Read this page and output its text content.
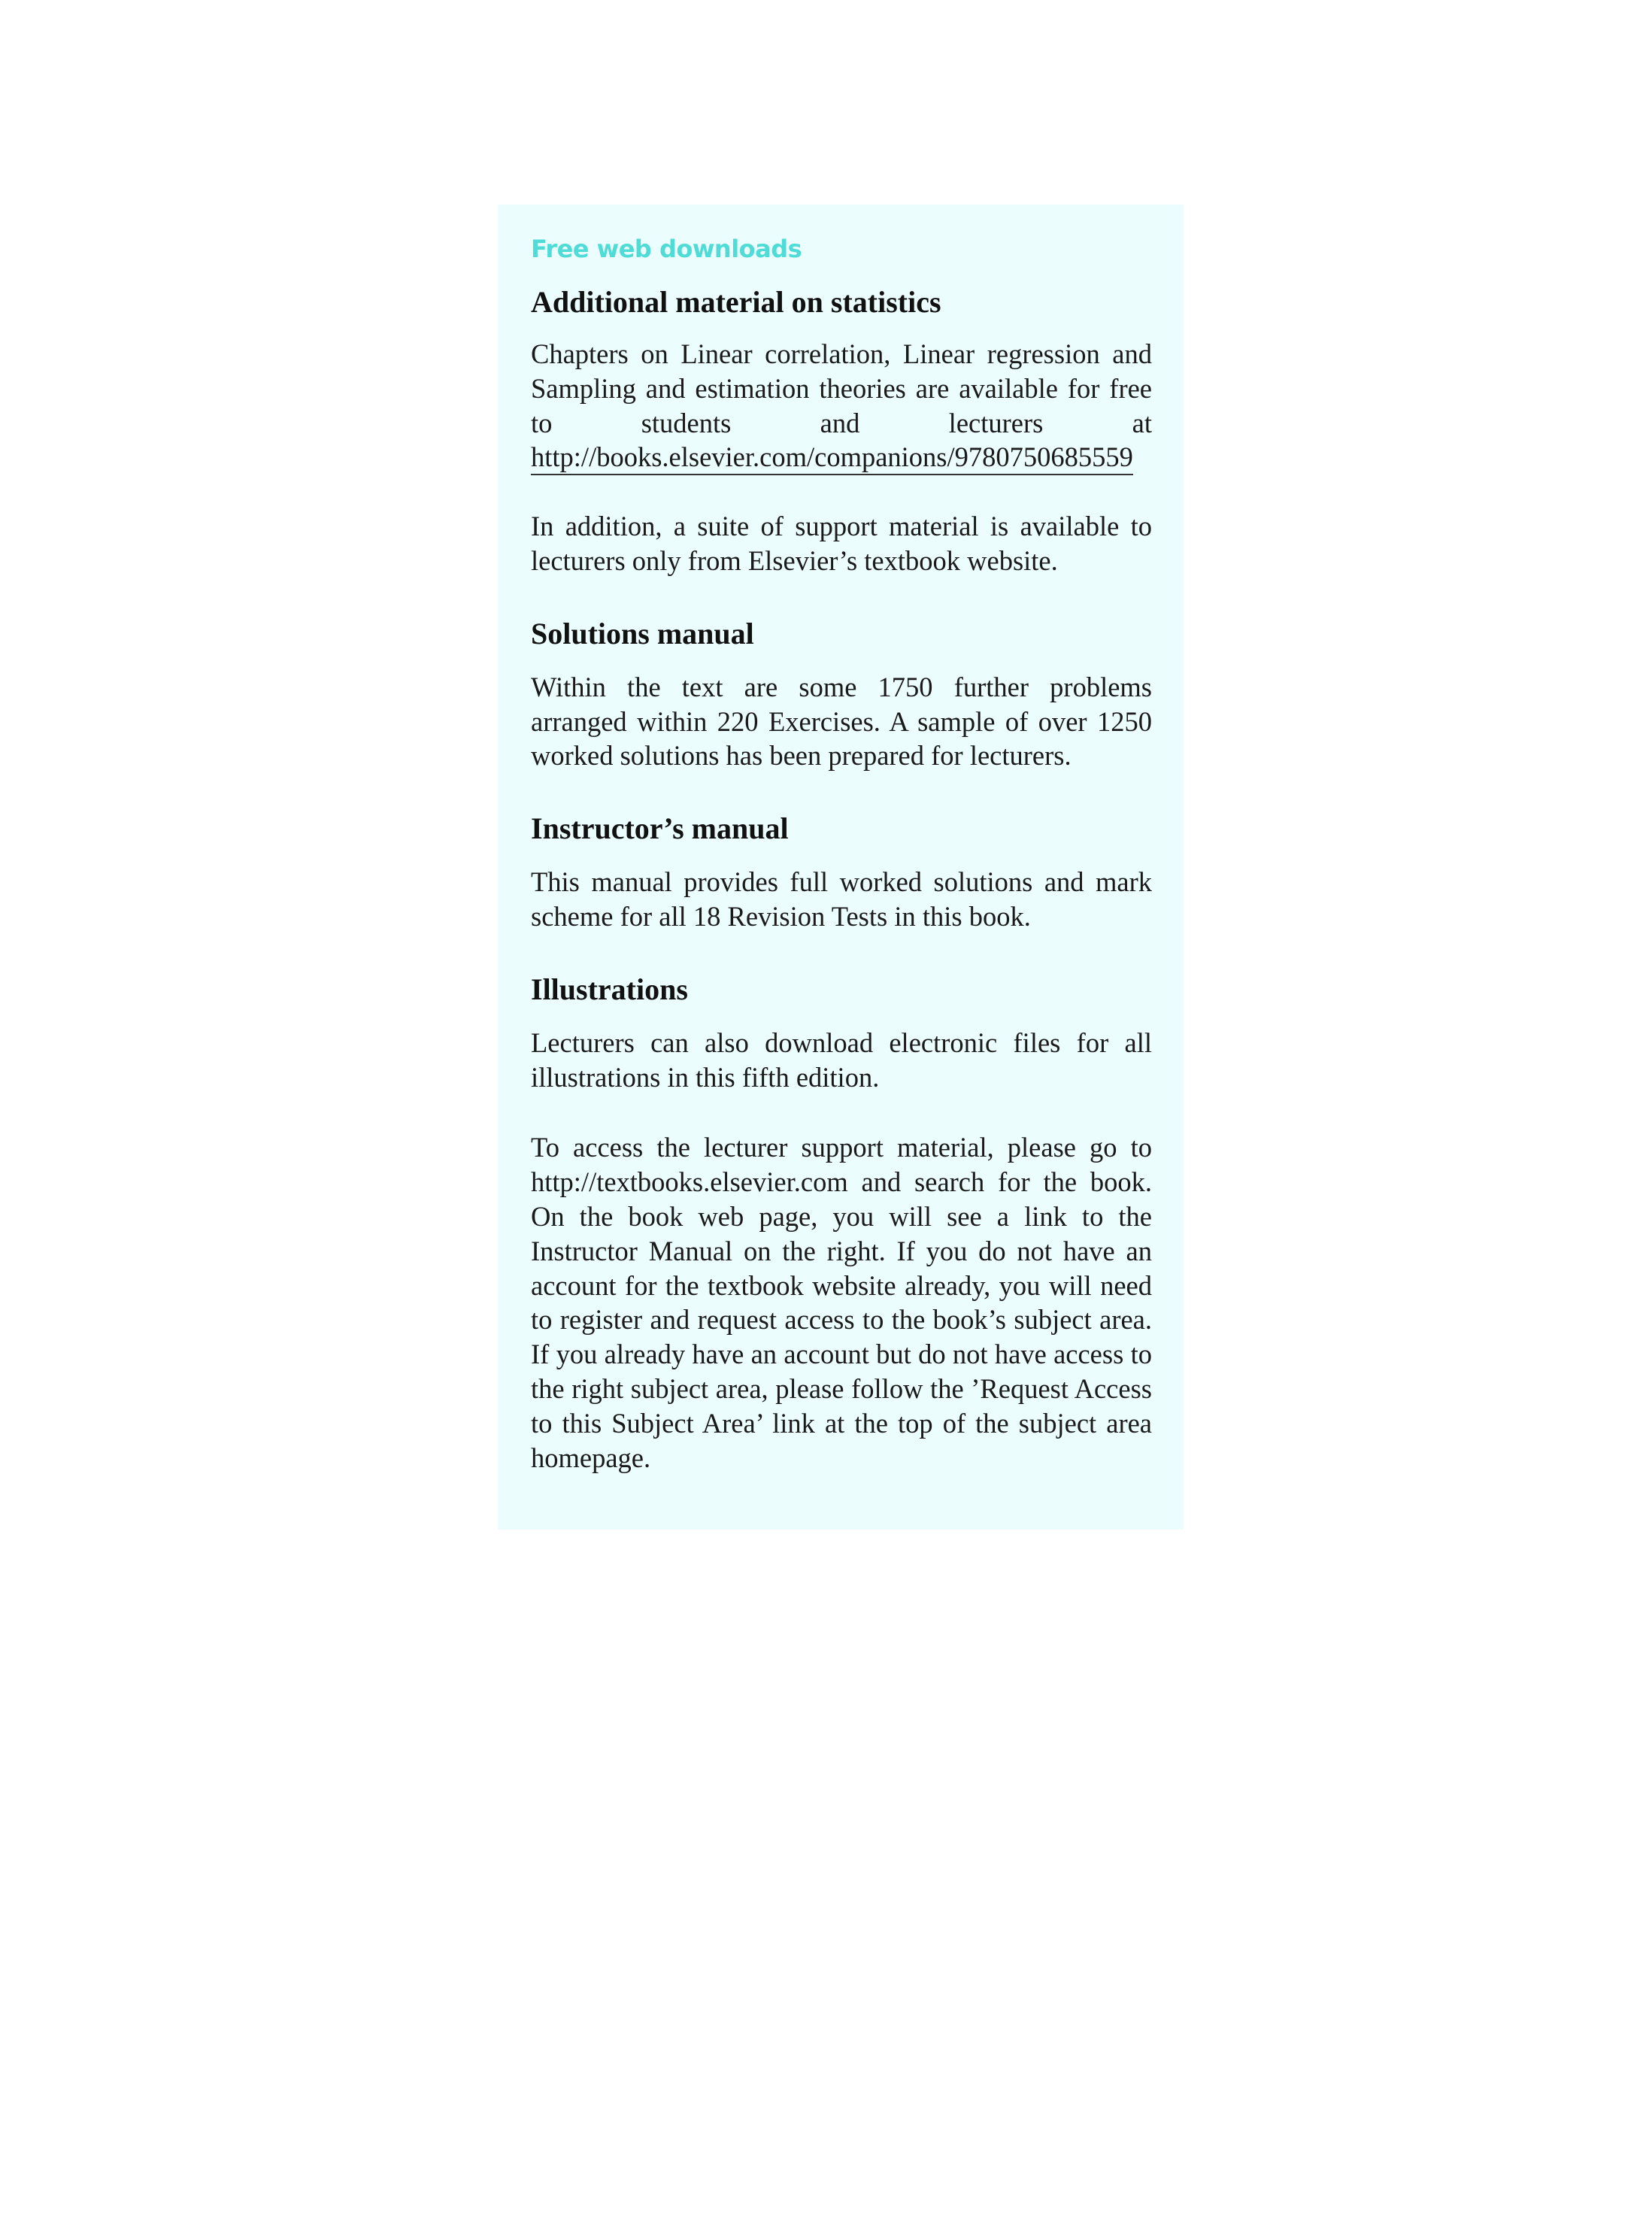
Free web downloads
Additional material on statistics

Chapters on Linear correlation, Linear regression and Sampling and estimation theories are available for free to students and lecturers at http://books.elsevier.com/companions/9780750685559

In addition, a suite of support material is available to lecturers only from Elsevier’s textbook website.

Solutions manual

Within the text are some 1750 further problems arranged within 220 Exercises. A sample of over 1250 worked solutions has been prepared for lecturers.

Instructor’s manual

This manual provides full worked solutions and mark scheme for all 18 Revision Tests in this book.

Illustrations

Lecturers can also download electronic files for all illustrations in this fifth edition.

To access the lecturer support material, please go to http://textbooks.elsevier.com and search for the book. On the book web page, you will see a link to the Instructor Manual on the right. If you do not have an account for the textbook website already, you will need to register and request access to the book’s subject area. If you already have an account but do not have access to the right subject area, please follow the ’Request Access to this Subject Area’ link at the top of the subject area homepage.
